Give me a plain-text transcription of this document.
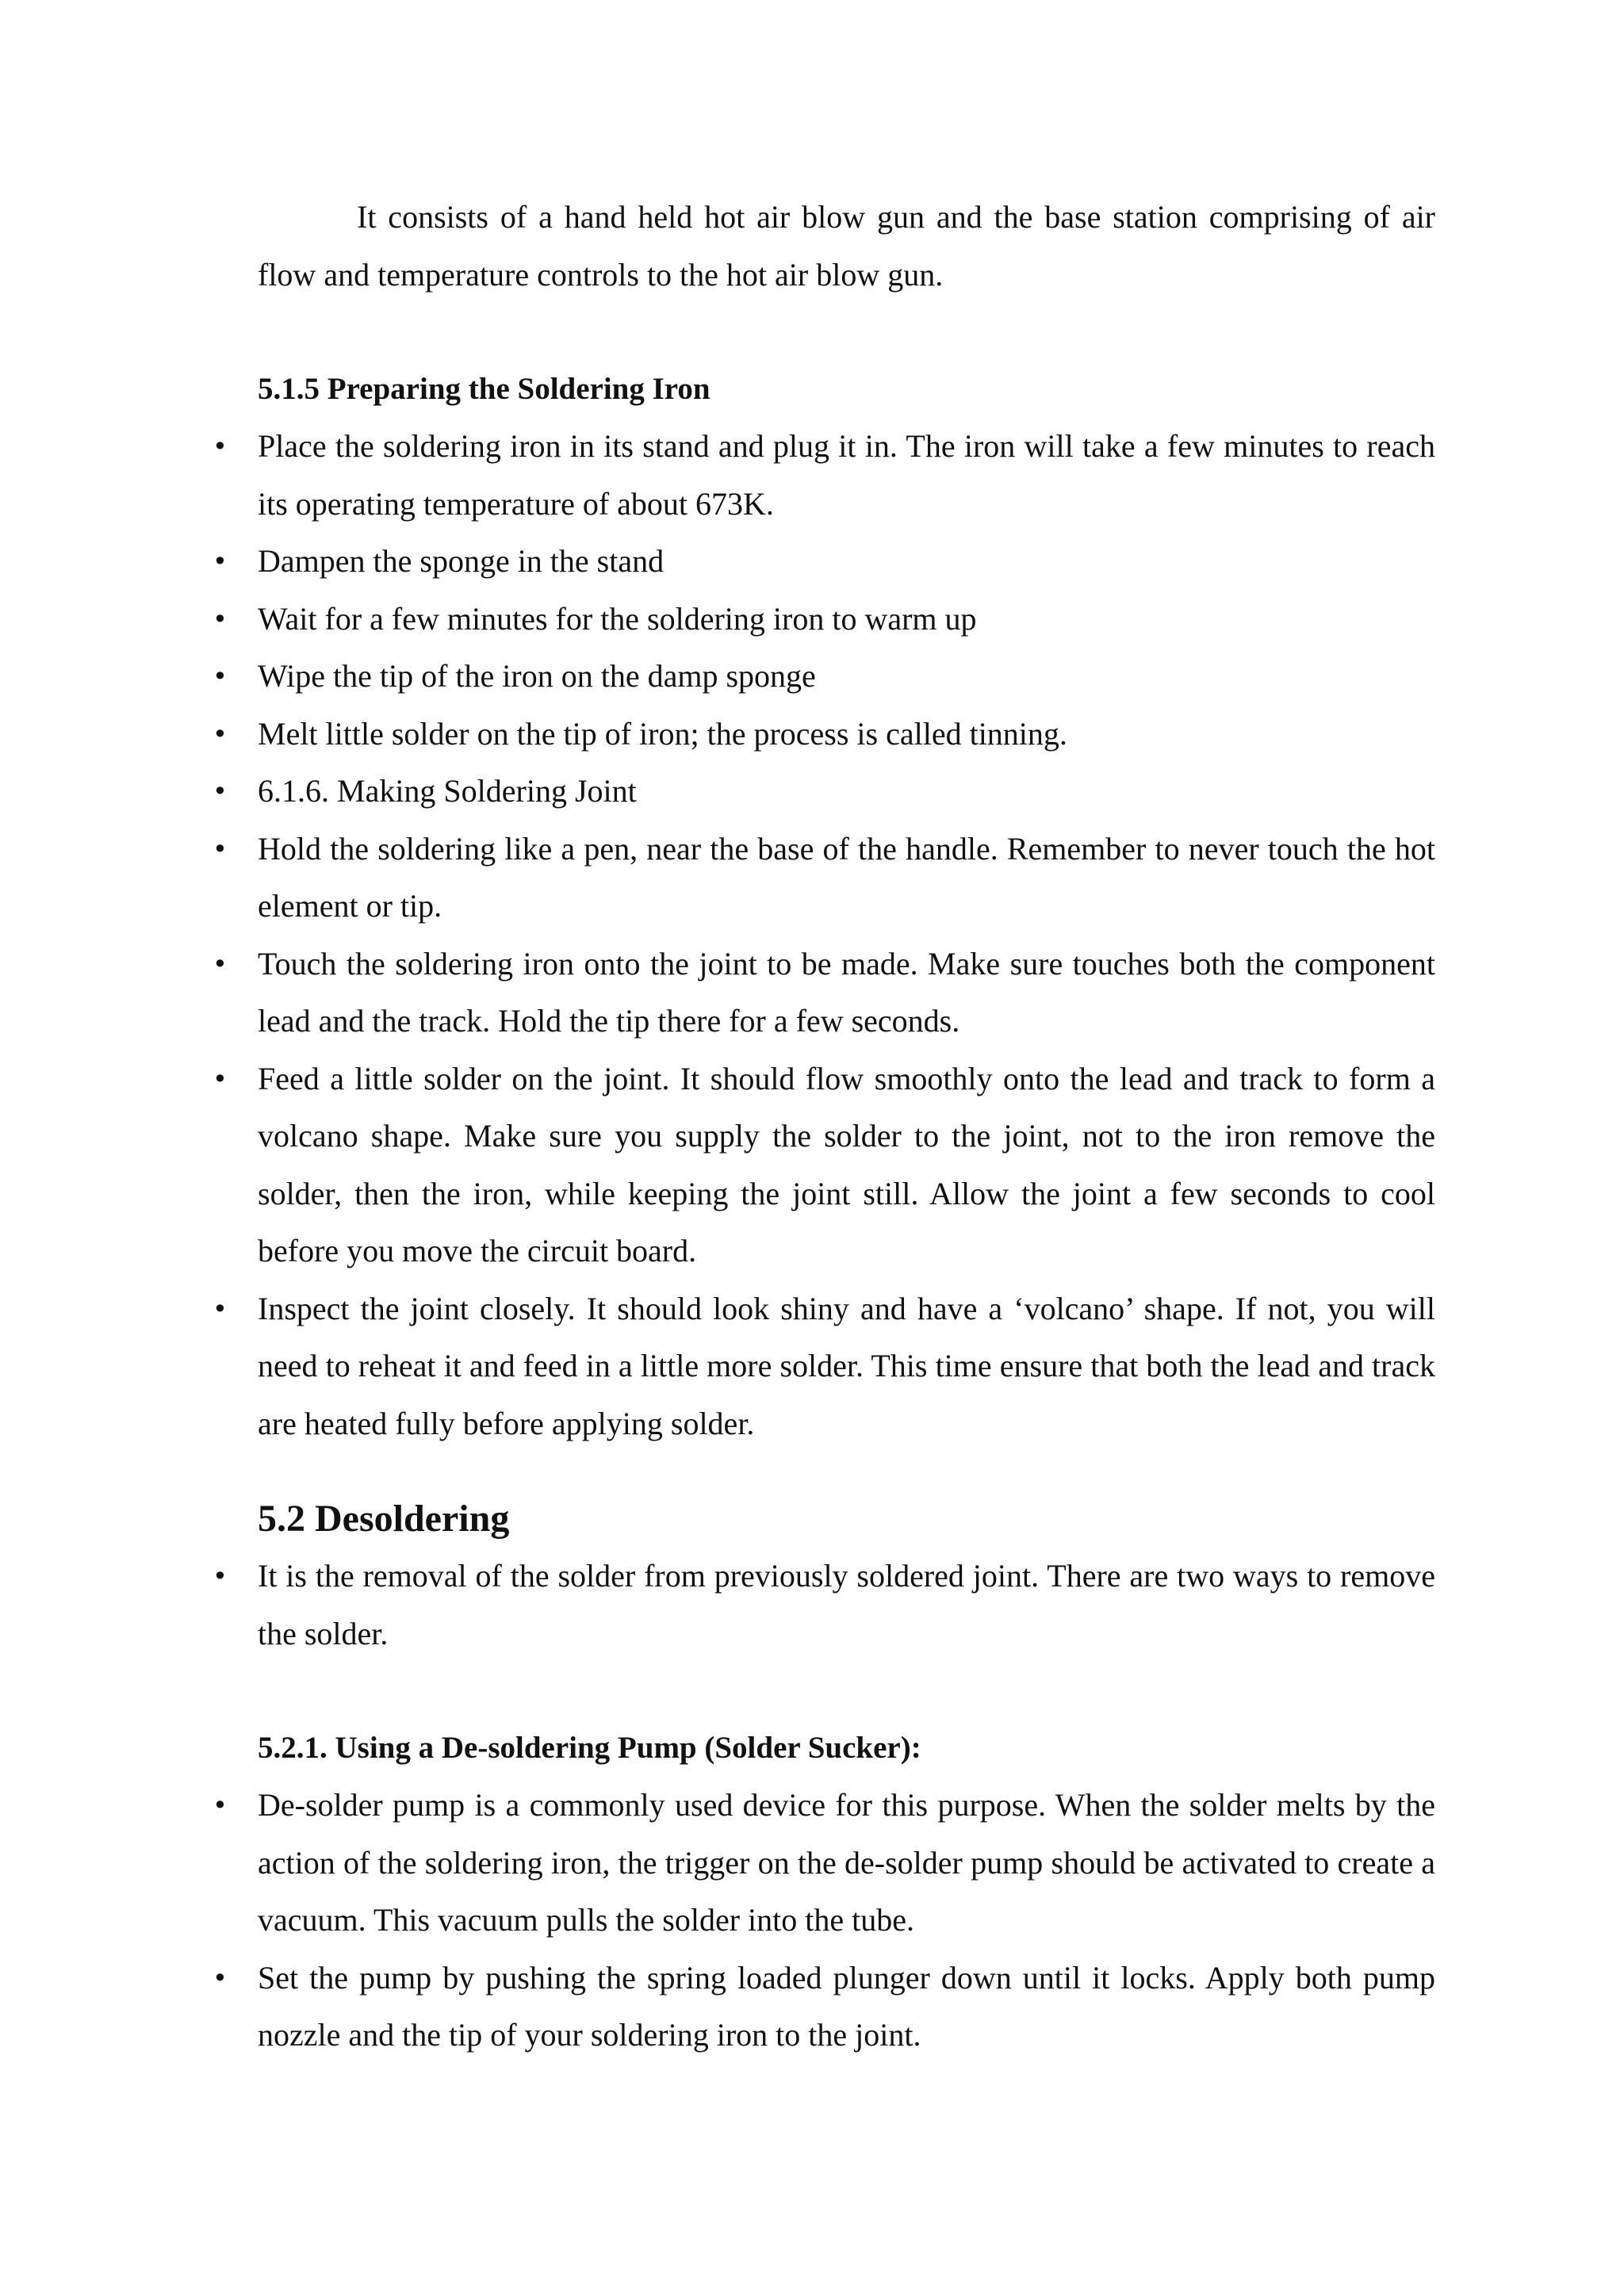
It consists of a hand held hot air blow gun and the base station comprising of air flow and temperature controls to the hot air blow gun.

5.1.5 Preparing the Soldering Iron
• Place the soldering iron in its stand and plug it in. The iron will take a few minutes to reach its operating temperature of about 673K.
• Dampen the sponge in the stand
• Wait for a few minutes for the soldering iron to warm up
• Wipe the tip of the iron on the damp sponge
• Melt little solder on the tip of iron; the process is called tinning.
• 6.1.6. Making Soldering Joint
• Hold the soldering like a pen, near the base of the handle. Remember to never touch the hot element or tip.
• Touch the soldering iron onto the joint to be made. Make sure touches both the component lead and the track. Hold the tip there for a few seconds.
• Feed a little solder on the joint. It should flow smoothly onto the lead and track to form a volcano shape. Make sure you supply the solder to the joint, not to the iron remove the solder, then the iron, while keeping the joint still. Allow the joint a few seconds to cool before you move the circuit board.
• Inspect the joint closely. It should look shiny and have a ‘volcano’ shape. If not, you will need to reheat it and feed in a little more solder. This time ensure that both the lead and track are heated fully before applying solder.
5.2 Desoldering
• It is the removal of the solder from previously soldered joint. There are two ways to remove the solder.
5.2.1. Using a De-soldering Pump (Solder Sucker):
• De-solder pump is a commonly used device for this purpose. When the solder melts by the action of the soldering iron, the trigger on the de-solder pump should be activated to create a vacuum. This vacuum pulls the solder into the tube.
• Set the pump by pushing the spring loaded plunger down until it locks. Apply both pump nozzle and the tip of your soldering iron to the joint.
